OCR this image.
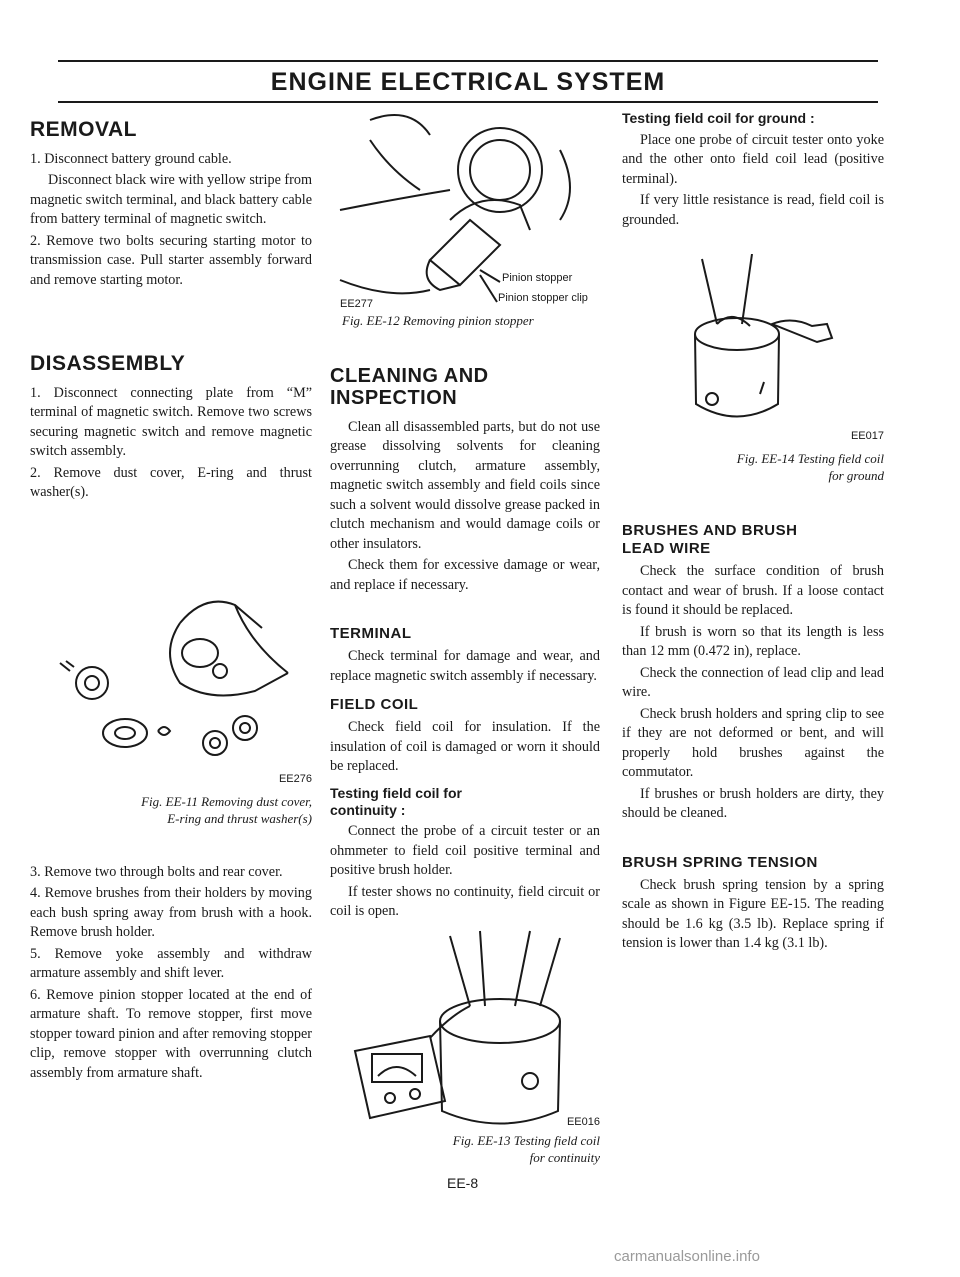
ENGINE ELECTRICAL SYSTEM
REMOVAL

1. Disconnect battery ground cable.

Disconnect black wire with yellow stripe from magnetic switch terminal, and black battery cable from battery terminal of magnetic switch.

2. Remove two bolts securing starting motor to transmission case. Pull starter assembly forward and remove starting motor.

DISASSEMBLY

1. Disconnect connecting plate from “M” terminal of magnetic switch. Remove two screws securing magnetic switch and remove magnetic switch assembly.

2. Remove dust cover, E-ring and thrust washer(s).

EE276
Fig. EE-11 Removing dust cover,
E-ring and thrust washer(s)

3. Remove two through bolts and rear cover.

4. Remove brushes from their holders by moving each bush spring away from brush with a hook. Remove brush holder.

5. Remove yoke assembly and withdraw armature assembly and shift lever.

6. Remove pinion stopper located at the end of armature shaft. To remove stopper, first move stopper toward pinion and after removing stopper clip, remove stopper with overrunning clutch assembly from armature shaft.

Pinion stopper
Pinion stopper clip
EE277
Fig. EE-12 Removing pinion stopper
CLEANING AND
INSPECTION

Clean all disassembled parts, but do not use grease dissolving solvents for cleaning overrunning clutch, armature assembly, magnetic switch assembly and field coils since such a solvent would dissolve grease packed in clutch mechanism and would damage coils or other insulators.

Check them for excessive damage or wear, and replace if necessary.

TERMINAL

Check terminal for damage and wear, and replace magnetic switch assembly if necessary.

FIELD COIL

Check field coil for insulation. If the insulation of coil is damaged or worn it should be replaced.

Testing field coil for
continuity :

Connect the probe of a circuit tester or an ohmmeter to field coil positive terminal and positive brush holder.

If tester shows no continuity, field circuit or coil is open.

EE016
Fig. EE-13 Testing field coil
for continuity
Testing field coil for ground :

Place one probe of circuit tester onto yoke and the other onto field coil lead (positive terminal).

If very little resistance is read, field coil is grounded.

EE017
Fig. EE-14 Testing field coil
for ground
BRUSHES AND BRUSH
LEAD WIRE

Check the surface condition of brush contact and wear of brush. If a loose contact is found it should be replaced.

If brush is worn so that its length is less than 12 mm (0.472 in), replace.

Check the connection of lead clip and lead wire.

Check brush holders and spring clip to see if they are not deformed or bent, and will properly hold brushes against the commutator.

If brushes or brush holders are dirty, they should be cleaned.

BRUSH SPRING TENSION

Check brush spring tension by a spring scale as shown in Figure EE-15. The reading should be 1.6 kg (3.5 lb). Replace spring if tension is lower than 1.4 kg (3.1 lb).

EE-8
carmanualsonline.info
